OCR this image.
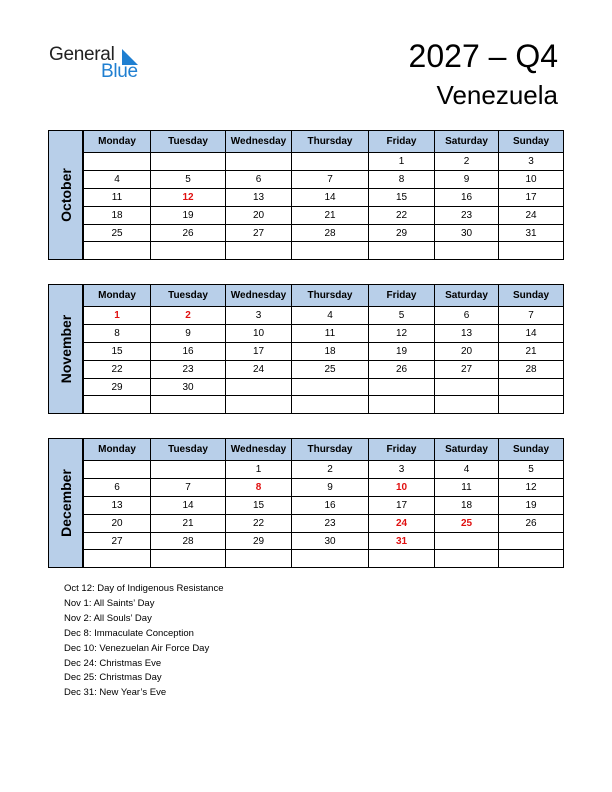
General
Blue	2027 – Q4
Venezuela
October
Monday	Tuesday	Wednesday	Thursday	Friday	Saturday	Sunday
				1	2	3
4	5	6	7	8	9	10
11	12	13	14	15	16	17
18	19	20	21	22	23	24
25	26	27	28	29	30	31

November
Monday	Tuesday	Wednesday	Thursday	Friday	Saturday	Sunday
1	2	3	4	5	6	7
8	9	10	11	12	13	14
15	16	17	18	19	20	21
22	23	24	25	26	27	28
29	30					

December
Monday	Tuesday	Wednesday	Thursday	Friday	Saturday	Sunday
		1	2	3	4	5
6	7	8	9	10	11	12
13	14	15	16	17	18	19
20	21	22	23	24	25	26
27	28	29	30	31		

Oct 12: Day of Indigenous Resistance
Nov 1: All Saints’ Day
Nov 2: All Souls’ Day
Dec 8: Immaculate Conception
Dec 10: Venezuelan Air Force Day
Dec 24: Christmas Eve
Dec 25: Christmas Day
Dec 31: New Year’s Eve
